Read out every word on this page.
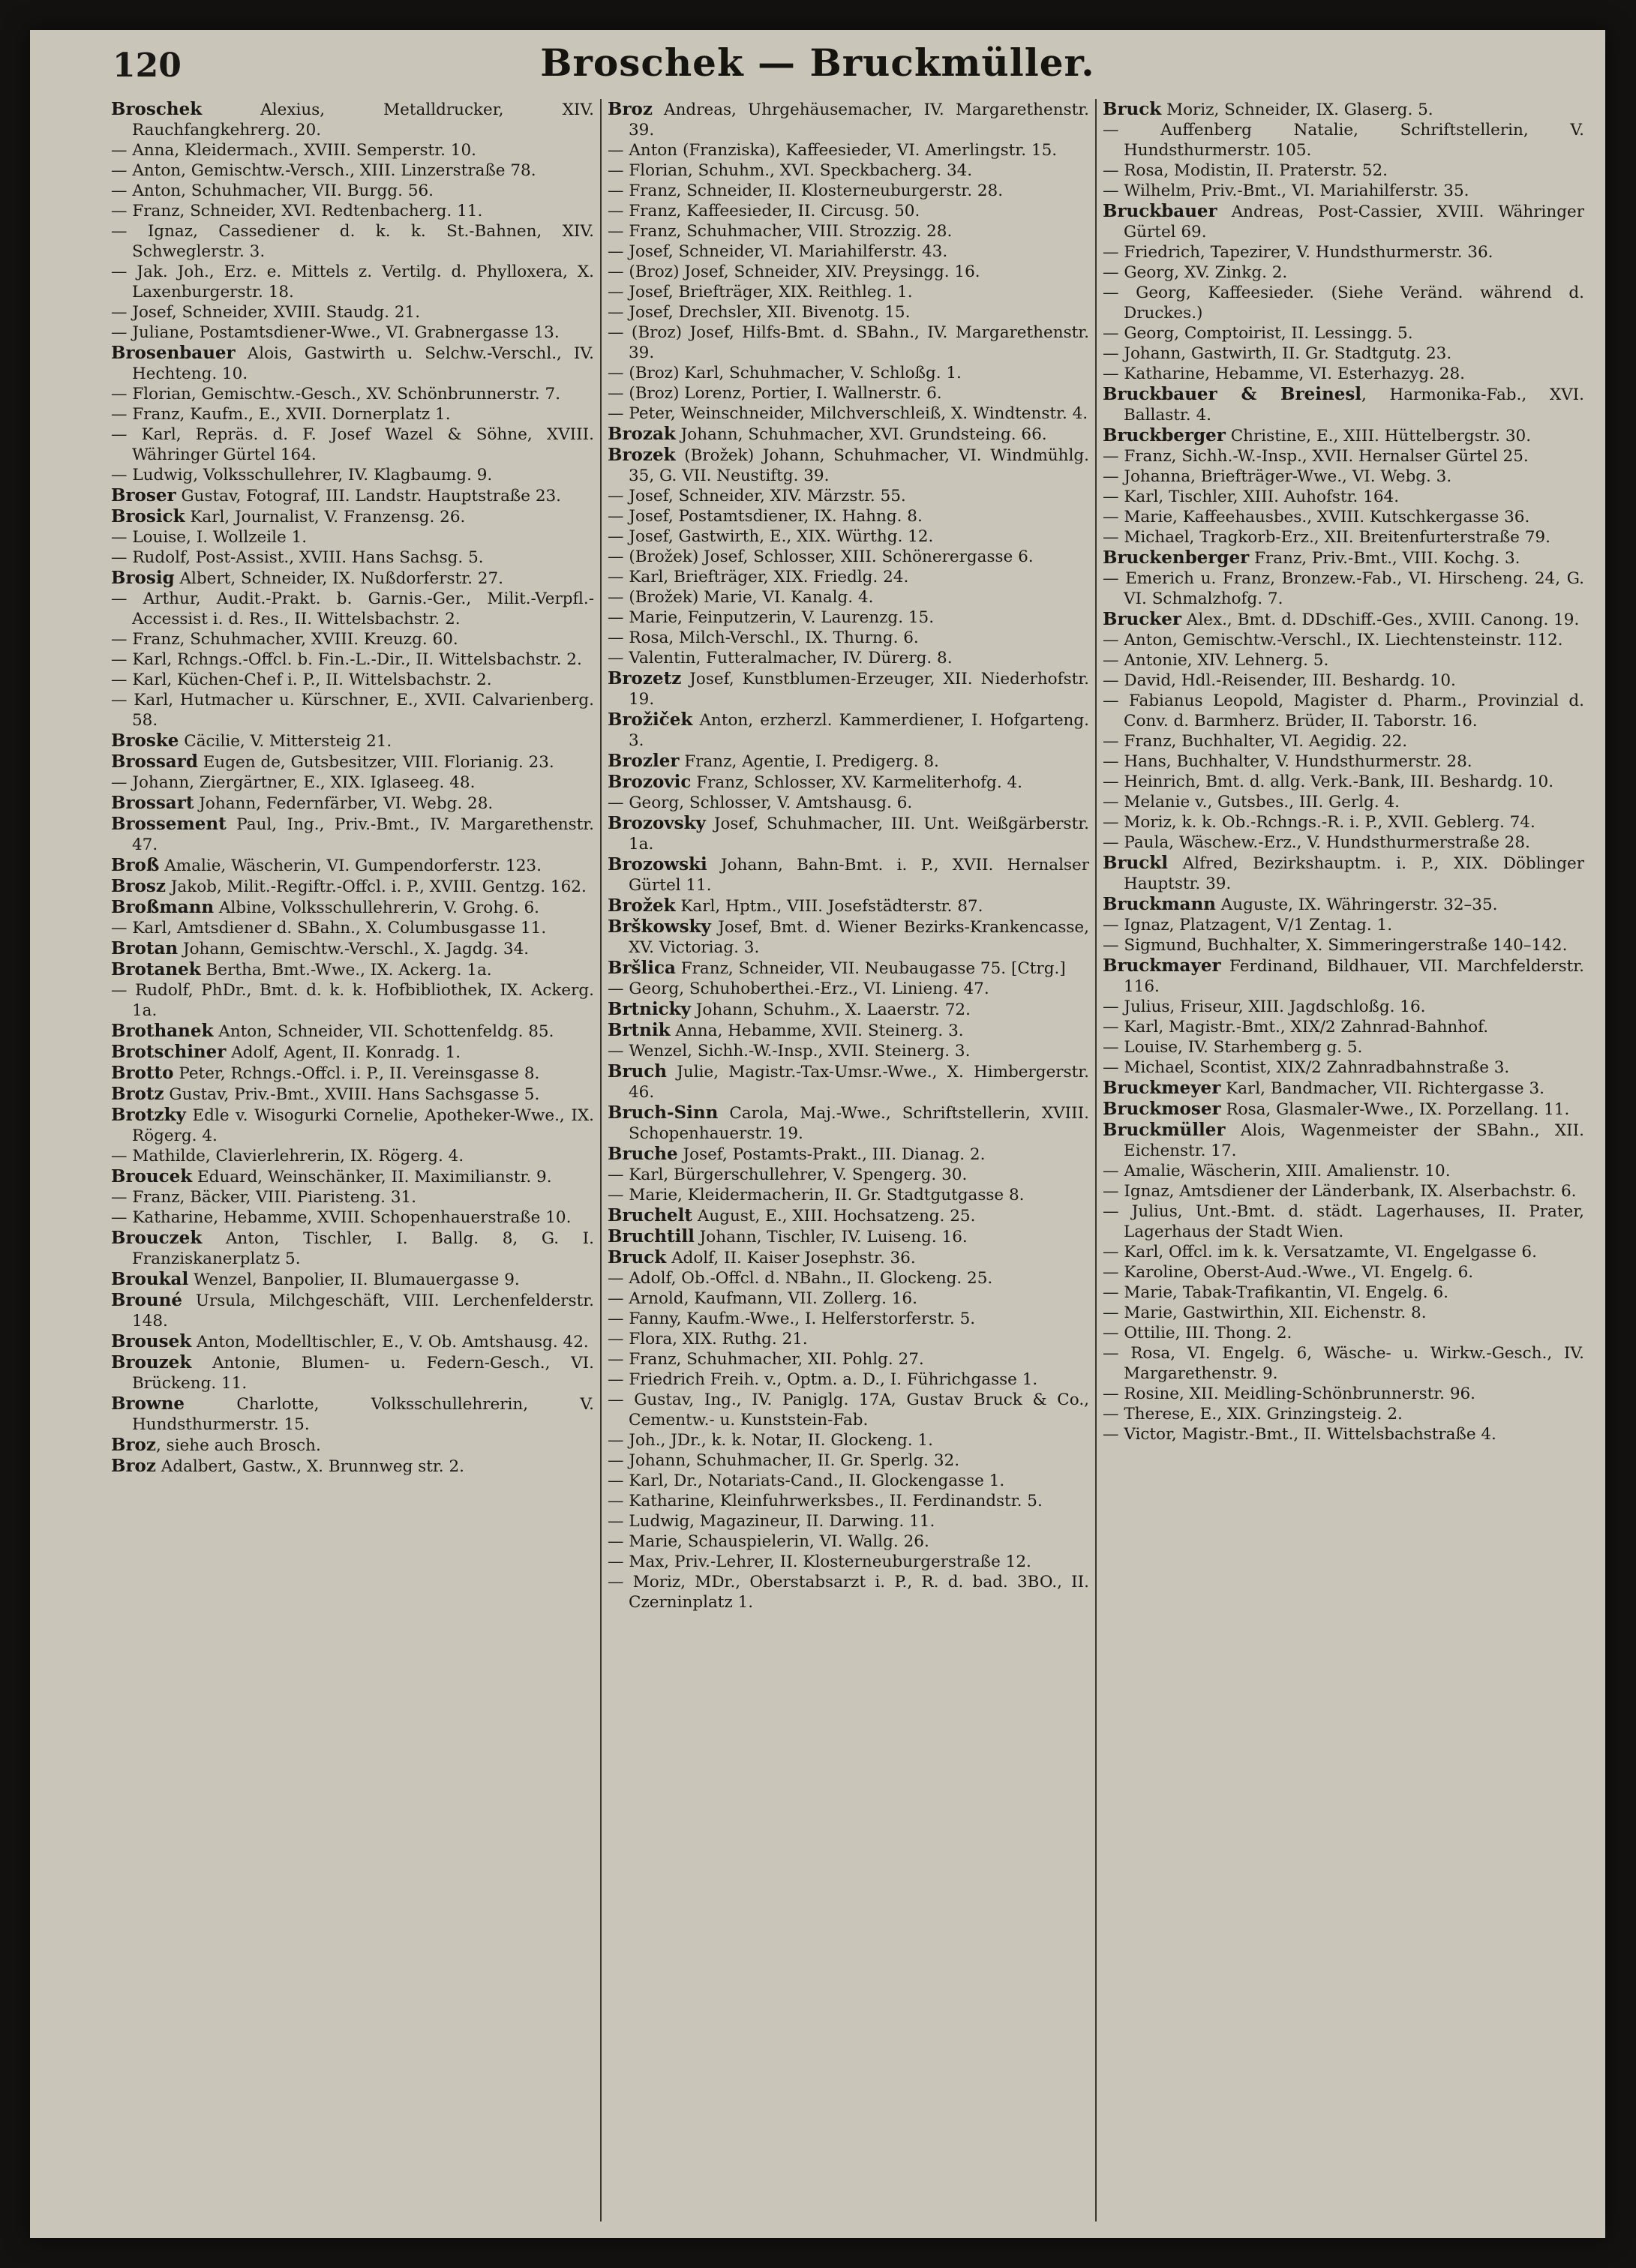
120	Broschek — Bruckmüller.

Broschek Alexius, Metalldrucker, XIV. Rauchfangkehrerg. 20.

— Anna, Kleidermach., XVIII. Semperstr. 10.

— Anton, Gemischtw.-Versch., XIII. Linzerstraße 78.

— Anton, Schuhmacher, VII. Burgg. 56.

— Franz, Schneider, XVI. Redtenbacherg. 11.

— Ignaz, Cassediener d. k. k. St.-Bahnen, XIV. Schweglerstr. 3.

— Jak. Joh., Erz. e. Mittels z. Vertilg. d. Phylloxera, X. Laxenburgerstr. 18.

— Josef, Schneider, XVIII. Staudg. 21.

— Juliane, Postamtsdiener-Wwe., VI. Grabnergasse 13.

Brosenbauer Alois, Gastwirth u. Selchw.-Verschl., IV. Hechteng. 10.

— Florian, Gemischtw.-Gesch., XV. Schönbrunnerstr. 7.

— Franz, Kaufm., E., XVII. Dornerplatz 1.

— Karl, Repräs. d. F. Josef Wazel & Söhne, XVIII. Währinger Gürtel 164.

— Ludwig, Volksschullehrer, IV. Klagbaumg. 9.

Broser Gustav, Fotograf, III. Landstr. Hauptstraße 23.

Brosick Karl, Journalist, V. Franzensg. 26.

— Louise, I. Wollzeile 1.

— Rudolf, Post-Assist., XVIII. Hans Sachsg. 5.

Brosig Albert, Schneider, IX. Nußdorferstr. 27.

— Arthur, Audit.-Prakt. b. Garnis.-Ger., Milit.-Verpfl.-Accessist i. d. Res., II. Wittelsbachstr. 2.

— Franz, Schuhmacher, XVIII. Kreuzg. 60.

— Karl, Rchngs.-Offcl. b. Fin.-L.-Dir., II. Wittelsbachstr. 2.

— Karl, Küchen-Chef i. P., II. Wittelsbachstr. 2.

— Karl, Hutmacher u. Kürschner, E., XVII. Calvarienberg. 58.

Broske Cäcilie, V. Mittersteig 21.

Brossard Eugen de, Gutsbesitzer, VIII. Florianig. 23.

— Johann, Ziergärtner, E., XIX. Iglaseeg. 48.

Brossart Johann, Federnfärber, VI. Webg. 28.

Brossement Paul, Ing., Priv.-Bmt., IV. Margarethenstr. 47.

Broß Amalie, Wäscherin, VI. Gumpendorferstr. 123.

Brosz Jakob, Milit.-Regiftr.-Offcl. i. P., XVIII. Gentzg. 162.

Broßmann Albine, Volksschullehrerin, V. Grohg. 6.

— Karl, Amtsdiener d. SBahn., X. Columbusgasse 11.

Brotan Johann, Gemischtw.-Verschl., X. Jagdg. 34.

Brotanek Bertha, Bmt.-Wwe., IX. Ackerg. 1a.

— Rudolf, PhDr., Bmt. d. k. k. Hofbibliothek, IX. Ackerg. 1a.

Brothanek Anton, Schneider, VII. Schottenfeldg. 85.

Brotschiner Adolf, Agent, II. Konradg. 1.

Brotto Peter, Rchngs.-Offcl. i. P., II. Vereinsgasse 8.

Brotz Gustav, Priv.-Bmt., XVIII. Hans Sachsgasse 5.

Brotzky Edle v. Wisogurki Cornelie, Apotheker-Wwe., IX. Rögerg. 4.

— Mathilde, Clavierlehrerin, IX. Rögerg. 4.

Broucek Eduard, Weinschänker, II. Maximilianstr. 9.

— Franz, Bäcker, VIII. Piaristeng. 31.

— Katharine, Hebamme, XVIII. Schopenhauerstraße 10.

Brouczek Anton, Tischler, I. Ballg. 8, G. I. Franziskanerplatz 5.

Broukal Wenzel, Banpolier, II. Blumauergasse 9.

Brouné Ursula, Milchgeschäft, VIII. Lerchenfelderstr. 148.

Brousek Anton, Modelltischler, E., V. Ob. Amtshausg. 42.

Brouzek Antonie, Blumen- u. Federn-Gesch., VI. Brückeng. 11.

Browne Charlotte, Volksschullehrerin, V. Hundsthurmerstr. 15.

Broz, siehe auch Brosch.

Broz Adalbert, Gastw., X. Brunnweg str. 2.

Broz Andreas, Uhrgehäusemacher, IV. Margarethenstr. 39.

— Anton (Franziska), Kaffeesieder, VI. Amerlingstr. 15.

— Florian, Schuhm., XVI. Speckbacherg. 34.

— Franz, Schneider, II. Klosterneuburgerstr. 28.

— Franz, Kaffeesieder, II. Circusg. 50.

— Franz, Schuhmacher, VIII. Strozzig. 28.

— Josef, Schneider, VI. Mariahilferstr. 43.

— (Broz) Josef, Schneider, XIV. Preysingg. 16.

— Josef, Briefträger, XIX. Reithleg. 1.

— Josef, Drechsler, XII. Bivenotg. 15.

— (Broz) Josef, Hilfs-Bmt. d. SBahn., IV. Margarethenstr. 39.

— (Broz) Karl, Schuhmacher, V. Schloßg. 1.

— (Broz) Lorenz, Portier, I. Wallnerstr. 6.

— Peter, Weinschneider, Milchverschleiß, X. Windtenstr. 4.

Brozak Johann, Schuhmacher, XVI. Grundsteing. 66.

Brozek (Brožek) Johann, Schuhmacher, VI. Windmühlg. 35, G. VII. Neustiftg. 39.

— Josef, Schneider, XIV. Märzstr. 55.

— Josef, Postamtsdiener, IX. Hahng. 8.

— Josef, Gastwirth, E., XIX. Würthg. 12.

— (Brožek) Josef, Schlosser, XIII. Schönerergasse 6.

— Karl, Briefträger, XIX. Friedlg. 24.

— (Brožek) Marie, VI. Kanalg. 4.

— Marie, Feinputzerin, V. Laurenzg. 15.

— Rosa, Milch-Verschl., IX. Thurng. 6.

— Valentin, Futteralmacher, IV. Dürerg. 8.

Brozetz Josef, Kunstblumen-Erzeuger, XII. Niederhofstr. 19.

Brožiček Anton, erzherzl. Kammerdiener, I. Hofgarteng. 3.

Brozler Franz, Agentie, I. Predigerg. 8.

Brozovic Franz, Schlosser, XV. Karmeliterhofg. 4.

— Georg, Schlosser, V. Amtshausg. 6.

Brozovsky Josef, Schuhmacher, III. Unt. Weißgärberstr. 1a.

Brozowski Johann, Bahn-Bmt. i. P., XVII. Hernalser Gürtel 11.

Brožek Karl, Hptm., VIII. Josefstädterstr. 87.

Brškowsky Josef, Bmt. d. Wiener Bezirks-Krankencasse, XV. Victoriag. 3.

Bršlica Franz, Schneider, VII. Neubaugasse 75. [Ctrg.]

— Georg, Schuhoberthei.-Erz., VI. Linieng. 47.

Brtnicky Johann, Schuhm., X. Laaerstr. 72.

Brtnik Anna, Hebamme, XVII. Steinerg. 3.

— Wenzel, Sichh.-W.-Insp., XVII. Steinerg. 3.

Bruch Julie, Magistr.-Tax-Umsr.-Wwe., X. Himbergerstr. 46.

Bruch-Sinn Carola, Maj.-Wwe., Schriftstellerin, XVIII. Schopenhauerstr. 19.

Bruche Josef, Postamts-Prakt., III. Dianag. 2.

— Karl, Bürgerschullehrer, V. Spengerg. 30.

— Marie, Kleidermacherin, II. Gr. Stadtgutgasse 8.

Bruchelt August, E., XIII. Hochsatzeng. 25.

Bruchtill Johann, Tischler, IV. Luiseng. 16.

Bruck Adolf, II. Kaiser Josephstr. 36.

— Adolf, Ob.-Offcl. d. NBahn., II. Glockeng. 25.

— Arnold, Kaufmann, VII. Zollerg. 16.

— Fanny, Kaufm.-Wwe., I. Helferstorferstr. 5.

— Flora, XIX. Ruthg. 21.

— Franz, Schuhmacher, XII. Pohlg. 27.

— Friedrich Freih. v., Optm. a. D., I. Führichgasse 1.

— Gustav, Ing., IV. Paniglg. 17A, Gustav Bruck & Co., Cementw.- u. Kunststein-Fab.

— Joh., JDr., k. k. Notar, II. Glockeng. 1.

— Johann, Schuhmacher, II. Gr. Sperlg. 32.

— Karl, Dr., Notariats-Cand., II. Glockengasse 1.

— Katharine, Kleinfuhrwerksbes., II. Ferdinandstr. 5.

— Ludwig, Magazineur, II. Darwing. 11.

— Marie, Schauspielerin, VI. Wallg. 26.

— Max, Priv.-Lehrer, II. Klosterneuburgerstraße 12.

— Moriz, MDr., Oberstabsarzt i. P., R. d. bad. 3BO., II. Czerninplatz 1.

Bruck Moriz, Schneider, IX. Glaserg. 5.

— Auffenberg Natalie, Schriftstellerin, V. Hundsthurmerstr. 105.

— Rosa, Modistin, II. Praterstr. 52.

— Wilhelm, Priv.-Bmt., VI. Mariahilferstr. 35.

Bruckbauer Andreas, Post-Cassier, XVIII. Währinger Gürtel 69.

— Friedrich, Tapezirer, V. Hundsthurmerstr. 36.

— Georg, XV. Zinkg. 2.

— Georg, Kaffeesieder. (Siehe Veränd. während d. Druckes.)

— Georg, Comptoirist, II. Lessingg. 5.

— Johann, Gastwirth, II. Gr. Stadtgutg. 23.

— Katharine, Hebamme, VI. Esterhazyg. 28.

Bruckbauer & Breinesl, Harmonika-Fab., XVI. Ballastr. 4.

Bruckberger Christine, E., XIII. Hüttelbergstr. 30.

— Franz, Sichh.-W.-Insp., XVII. Hernalser Gürtel 25.

— Johanna, Briefträger-Wwe., VI. Webg. 3.

— Karl, Tischler, XIII. Auhofstr. 164.

— Marie, Kaffeehausbes., XVIII. Kutschkergasse 36.

— Michael, Tragkorb-Erz., XII. Breitenfurterstraße 79.

Bruckenberger Franz, Priv.-Bmt., VIII. Kochg. 3.

— Emerich u. Franz, Bronzew.-Fab., VI. Hirscheng. 24, G. VI. Schmalzhofg. 7.

Brucker Alex., Bmt. d. DDschiff.-Ges., XVIII. Canong. 19.

— Anton, Gemischtw.-Verschl., IX. Liechtensteinstr. 112.

— Antonie, XIV. Lehnerg. 5.

— David, Hdl.-Reisender, III. Beshardg. 10.

— Fabianus Leopold, Magister d. Pharm., Provinzial d. Conv. d. Barmherz. Brüder, II. Taborstr. 16.

— Franz, Buchhalter, VI. Aegidig. 22.

— Hans, Buchhalter, V. Hundsthurmerstr. 28.

— Heinrich, Bmt. d. allg. Verk.-Bank, III. Beshardg. 10.

— Melanie v., Gutsbes., III. Gerlg. 4.

— Moriz, k. k. Ob.-Rchngs.-R. i. P., XVII. Geblerg. 74.

— Paula, Wäschew.-Erz., V. Hundsthurmerstraße 28.

Bruckl Alfred, Bezirkshauptm. i. P., XIX. Döblinger Hauptstr. 39.

Bruckmann Auguste, IX. Währingerstr. 32–35.

— Ignaz, Platzagent, V/1 Zentag. 1.

— Sigmund, Buchhalter, X. Simmeringerstraße 140–142.

Bruckmayer Ferdinand, Bildhauer, VII. Marchfelderstr. 116.

— Julius, Friseur, XIII. Jagdschloßg. 16.

— Karl, Magistr.-Bmt., XIX/2 Zahnrad-Bahnhof.

— Louise, IV. Starhemberg g. 5.

— Michael, Scontist, XIX/2 Zahnradbahnstraße 3.

Bruckmeyer Karl, Bandmacher, VII. Richtergasse 3.

Bruckmoser Rosa, Glasmaler-Wwe., IX. Porzellang. 11.

Bruckmüller Alois, Wagenmeister der SBahn., XII. Eichenstr. 17.

— Amalie, Wäscherin, XIII. Amalienstr. 10.

— Ignaz, Amtsdiener der Länderbank, IX. Alserbachstr. 6.

— Julius, Unt.-Bmt. d. städt. Lagerhauses, II. Prater, Lagerhaus der Stadt Wien.

— Karl, Offcl. im k. k. Versatzamte, VI. Engelgasse 6.

— Karoline, Oberst-Aud.-Wwe., VI. Engelg. 6.

— Marie, Tabak-Trafikantin, VI. Engelg. 6.

— Marie, Gastwirthin, XII. Eichenstr. 8.

— Ottilie, III. Thong. 2.

— Rosa, VI. Engelg. 6, Wäsche- u. Wirkw.-Gesch., IV. Margarethenstr. 9.

— Rosine, XII. Meidling-Schönbrunnerstr. 96.

— Therese, E., XIX. Grinzingsteig. 2.

— Victor, Magistr.-Bmt., II. Wittelsbachstraße 4.
